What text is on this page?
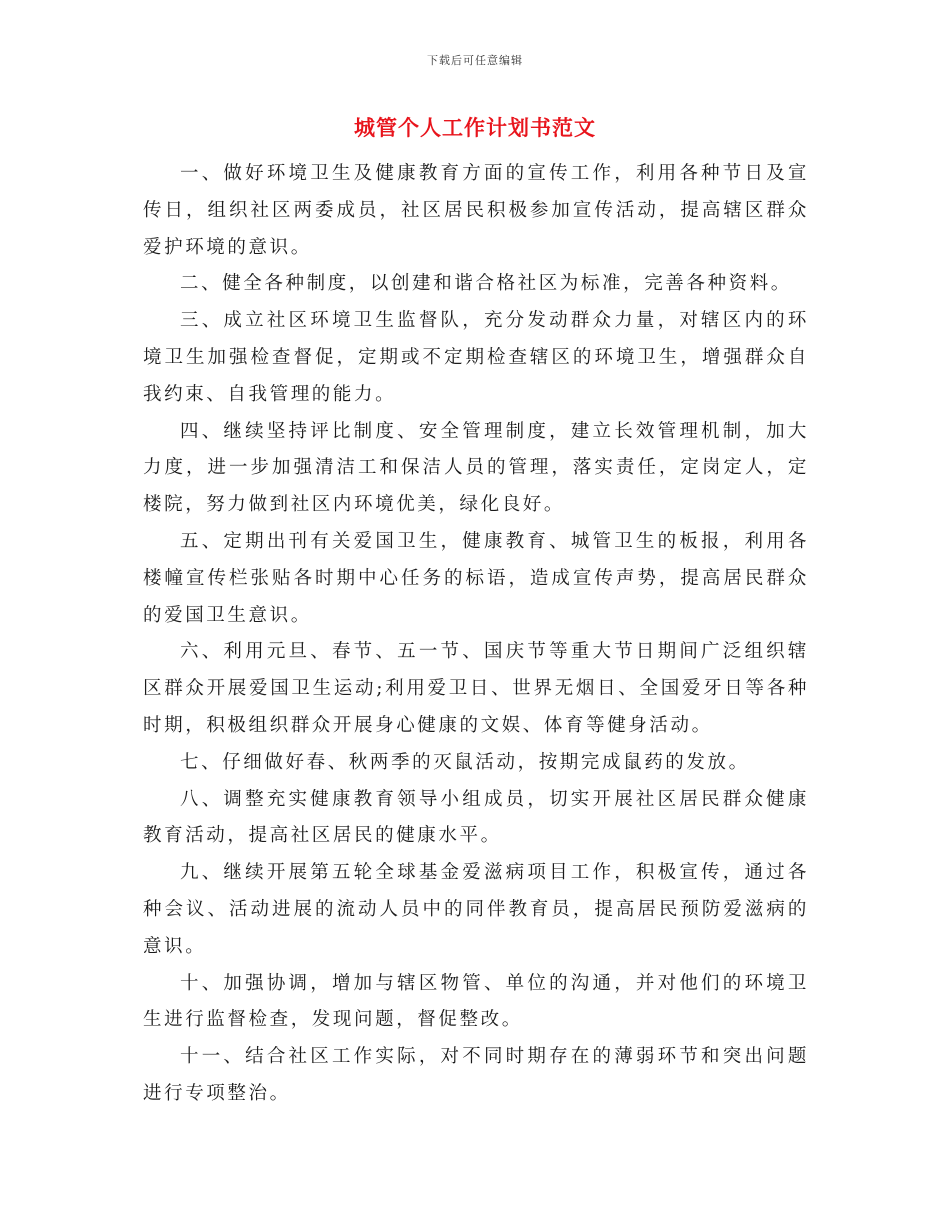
下载后可任意编辑
城管个人工作计划书范文

一、做好环境卫生及健康教育方面的宣传工作，利用各种节日及宣传日，组织社区两委成员，社区居民积极参加宣传活动，提高辖区群众爱护环境的意识。

二、健全各种制度，以创建和谐合格社区为标准，完善各种资料。

三、成立社区环境卫生监督队，充分发动群众力量，对辖区内的环境卫生加强检查督促，定期或不定期检查辖区的环境卫生，增强群众自我约束、自我管理的能力。

四、继续坚持评比制度、安全管理制度，建立长效管理机制，加大力度，进一步加强清洁工和保洁人员的管理，落实责任，定岗定人，定楼院，努力做到社区内环境优美，绿化良好。

五、定期出刊有关爱国卫生，健康教育、城管卫生的板报，利用各楼幢宣传栏张贴各时期中心任务的标语，造成宣传声势，提高居民群众的爱国卫生意识。

六、利用元旦、春节、五一节、国庆节等重大节日期间广泛组织辖区群众开展爱国卫生运动;利用爱卫日、世界无烟日、全国爱牙日等各种时期，积极组织群众开展身心健康的文娱、体育等健身活动。

七、仔细做好春、秋两季的灭鼠活动，按期完成鼠药的发放。

八、调整充实健康教育领导小组成员，切实开展社区居民群众健康教育活动，提高社区居民的健康水平。

九、继续开展第五轮全球基金爱滋病项目工作，积极宣传，通过各种会议、活动进展的流动人员中的同伴教育员，提高居民预防爱滋病的意识。

十、加强协调，增加与辖区物管、单位的沟通，并对他们的环境卫生进行监督检查，发现问题，督促整改。

十一、结合社区工作实际，对不同时期存在的薄弱环节和突出问题进行专项整治。
